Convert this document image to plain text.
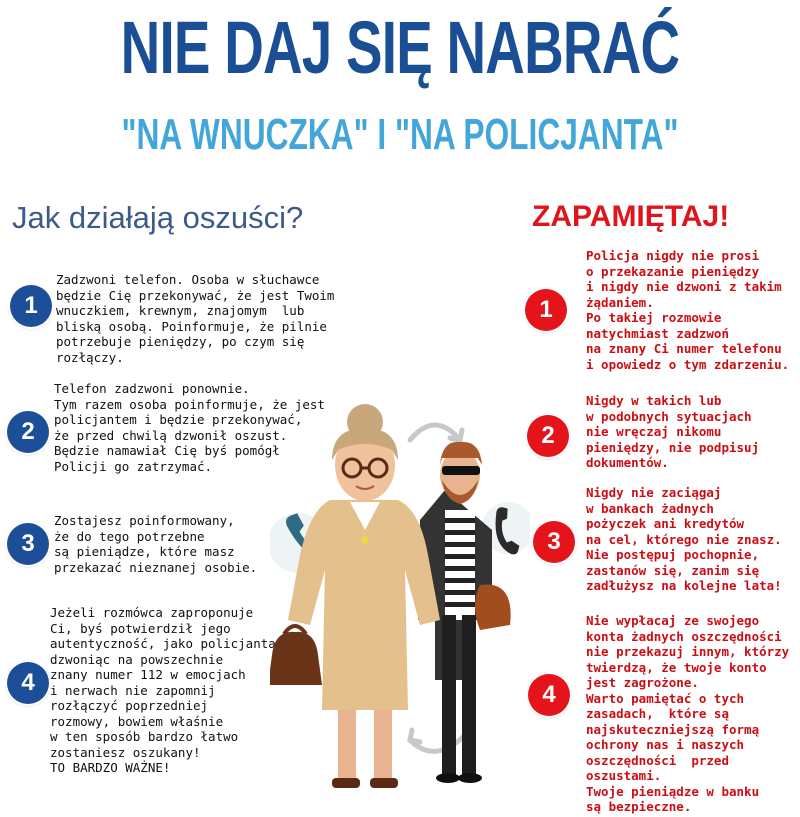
NIE DAJ SIĘ NABRAĆ
"NA WNUCZKA" I "NA POLICJANTA"
Jak działają oszuści?	ZAPAMIĘTAJ!
1
Zadzwoni telefon. Osoba w słuchawce
będzie Cię przekonywać, że jest Twoim
wnuczkiem, krewnym, znajomym  lub
bliską osobą. Poinformuje, że pilnie
potrzebuje pieniędzy, po czym się
rozłączy.
2
Telefon zadzwoni ponownie.
Tym razem osoba poinformuje, że jest
policjantem i będzie przekonywać,
że przed chwilą dzwonił oszust.
Będzie namawiał Cię byś pomógł
Policji go zatrzymać.
3
Zostajesz poinformowany,
że do tego potrzebne
są pieniądze, które masz
przekazać nieznanej osobie.
4
Jeżeli rozmówca zaproponuje
Ci, byś potwierdził jego
autentyczność, jako policjanta
dzwoniąc na powszechnie
znany numer 112 w emocjach
i nerwach nie zapomnij
rozłączyć poprzedniej
rozmowy, bowiem właśnie
w ten sposób bardzo łatwo
zostaniesz oszukany!
TO BARDZO WAŻNE!
1
Policja nigdy nie prosi
o przekazanie pieniędzy
i nigdy nie dzwoni z takim
żądaniem.
Po takiej rozmowie
natychmiast zadzwoń
na znany Ci numer telefonu
i opowiedz o tym zdarzeniu.
2
Nigdy w takich lub
w podobnych sytuacjach
nie wręczaj nikomu
pieniędzy, nie podpisuj
dokumentów.
3
Nigdy nie zaciągaj
w bankach żadnych
pożyczek ani kredytów
na cel, którego nie znasz.
Nie postępuj pochopnie,
zastanów się, zanim się
zadłużysz na kolejne lata!
4
Nie wypłacaj ze swojego
konta żadnych oszczędności
nie przekazuj innym, którzy
twierdzą, że twoje konto
jest zagrożone.
Warto pamiętać o tych
zasadach,  które są
najskuteczniejszą formą
ochrony nas i naszych
oszczędności  przed
oszustami.
Twoje pieniądze w banku
są bezpieczne.
